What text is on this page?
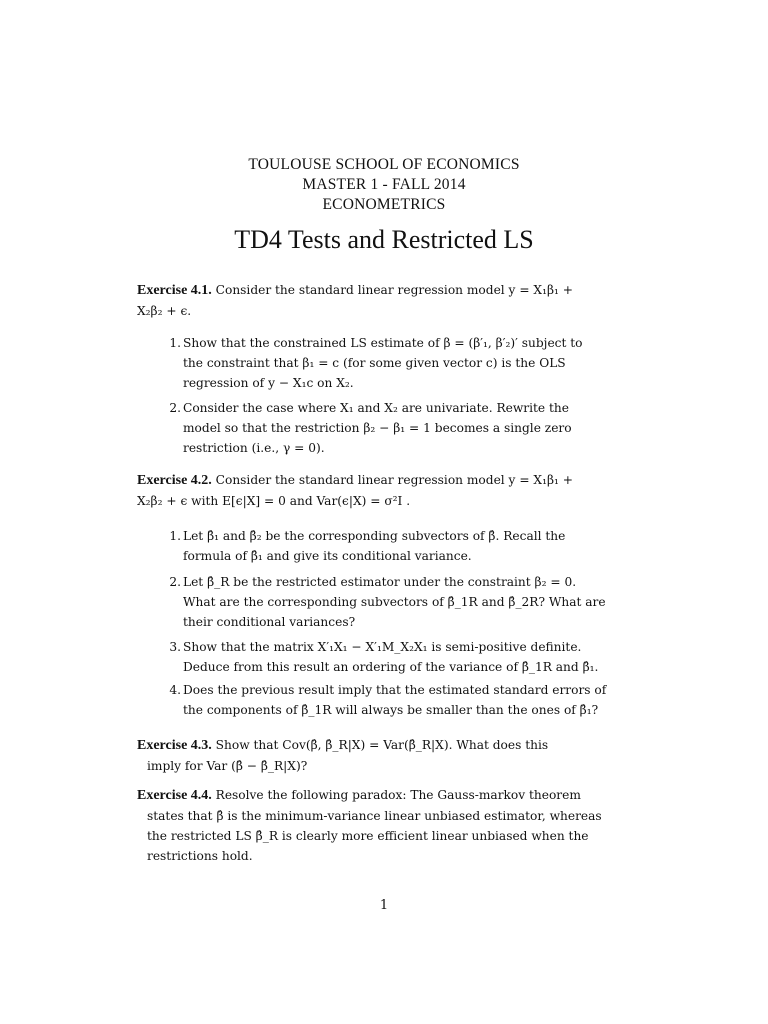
TOULOUSE SCHOOL OF ECONOMICS
MASTER 1 - FALL 2014
ECONOMETRICS
TD4 Tests and Restricted LS
Exercise 4.1. Consider the standard linear regression model y = X₁β₁ +
X₂β₂ + ϵ.
1. Show that the constrained LS estimate of β = (β′₁, β′₂)′ subject to
the constraint that β₁ = c (for some given vector c) is the OLS
regression of y − X₁c on X₂.
2. Consider the case where X₁ and X₂ are univariate. Rewrite the
model so that the restriction β₂ − β₁ = 1 becomes a single zero
restriction (i.e., γ = 0).
Exercise 4.2. Consider the standard linear regression model y = X₁β₁ +
X₂β₂ + ϵ with E[ϵ|X] = 0 and Var(ϵ|X) = σ²I .
1. Let β̂₁ and β̂₂ be the corresponding subvectors of β̂. Recall the
formula of β̂₁ and give its conditional variance.
2. Let β̂_R be the restricted estimator under the constraint β₂ = 0.
What are the corresponding subvectors of β̂_1R and β̂_2R? What are
their conditional variances?
3. Show that the matrix X′₁X₁ − X′₁M_X₂X₁ is semi-positive definite.
Deduce from this result an ordering of the variance of β̂_1R and β̂₁.
4. Does the previous result imply that the estimated standard errors of
the components of β̂_1R will always be smaller than the ones of β̂₁?
Exercise 4.3. Show that Cov(β̂, β̂_R|X) = Var(β̂_R|X). What does this
imply for Var (β̂ − β̂_R|X)?
Exercise 4.4. Resolve the following paradox: The Gauss-markov theorem
states that β̂ is the minimum-variance linear unbiased estimator, whereas
the restricted LS β̂_R is clearly more efficient linear unbiased when the
restrictions hold.
1
